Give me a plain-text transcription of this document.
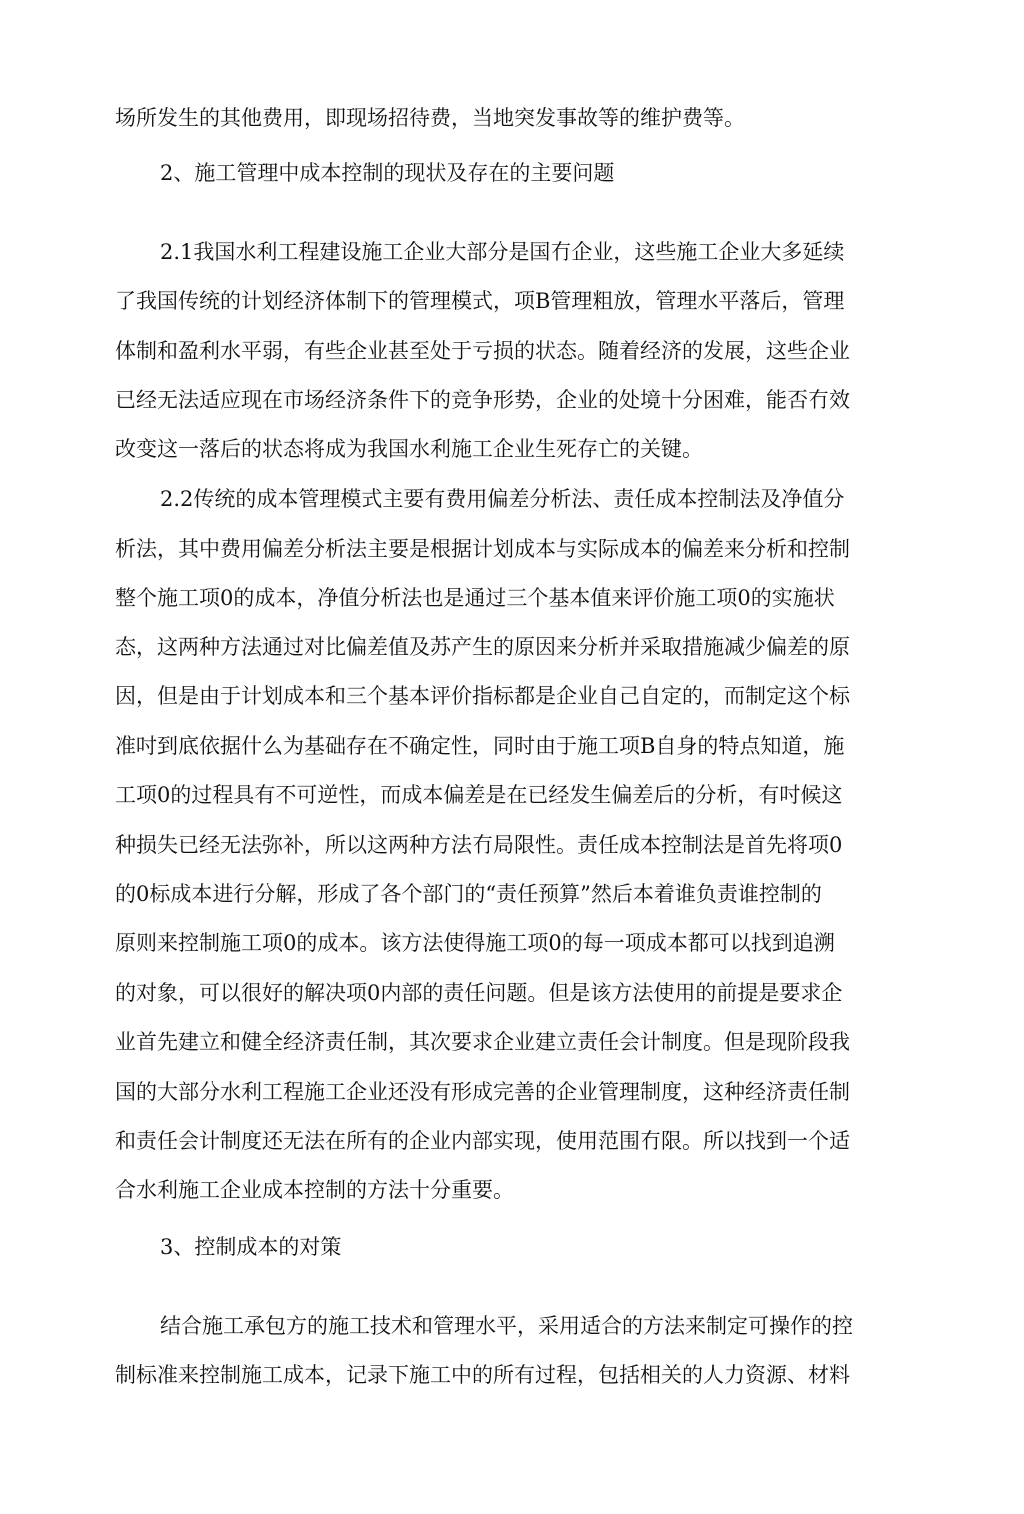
场所发生的其他费用，即现场招待费，当地突发事故等的维护费等。
2、施工管理中成本控制的现状及存在的主要问题
2.1我国水利工程建设施工企业大部分是国冇企业，这些施工企业大多延续
了我国传统的计划经济体制下的管理模式，项B管理粗放，管理水平落后，管理
体制和盈利水平弱，有些企业甚至处于亏损的状态。随着经济的发展，这些企业
已经无法适应现在市场经济条件下的竞争形势，企业的处境十分困难，能否冇效
改变这一落后的状态将成为我国水利施工企业生死存亡的关键。
2.2传统的成本管理模式主要有费用偏差分析法、责任成本控制法及净值分
析法，其中费用偏差分析法主要是根据计划成本与实际成本的偏差来分析和控制
整个施工项0的成本，净值分析法也是通过三个基本值来评价施工项0的实施状
态，这两种方法通过对比偏差值及苏产生的原因来分析并采取措施减少偏差的原
因，但是由于计划成本和三个基本评价指标都是企业自己自定的，而制定这个标
准吋到底依据什么为基础存在不确定性，同时由于施工项B自身的特点知道，施
工项0的过程具有不可逆性，而成本偏差是在已经发生偏差后的分析，有吋候这
种损失已经无法弥补，所以这两种方法冇局限性。责任成本控制法是首先将项0
的0标成本进行分解，形成了各个部门的“责任预算”然后本着谁负责谁控制的
原则来控制施工项0的成本。该方法使得施工项0的每一项成本都可以找到追溯
的对象，可以很好的解决项0内部的责任问题。但是该方法使用的前提是要求企
业首先建立和健全经济责任制，其次要求企业建立责任会计制度。但是现阶段我
国的大部分水利工程施工企业还没有形成完善的企业管理制度，这种经济责任制
和责任会计制度还无法在所有的企业内部实现，使用范围冇限。所以找到一个适
合水利施工企业成本控制的方法十分重要。
3、控制成本的对策
结合施工承包方的施工技术和管理水平，采用适合的方法来制定可操作的控
制标准来控制施工成本，记录下施工中的所有过程，包括相关的人力资源、材料
